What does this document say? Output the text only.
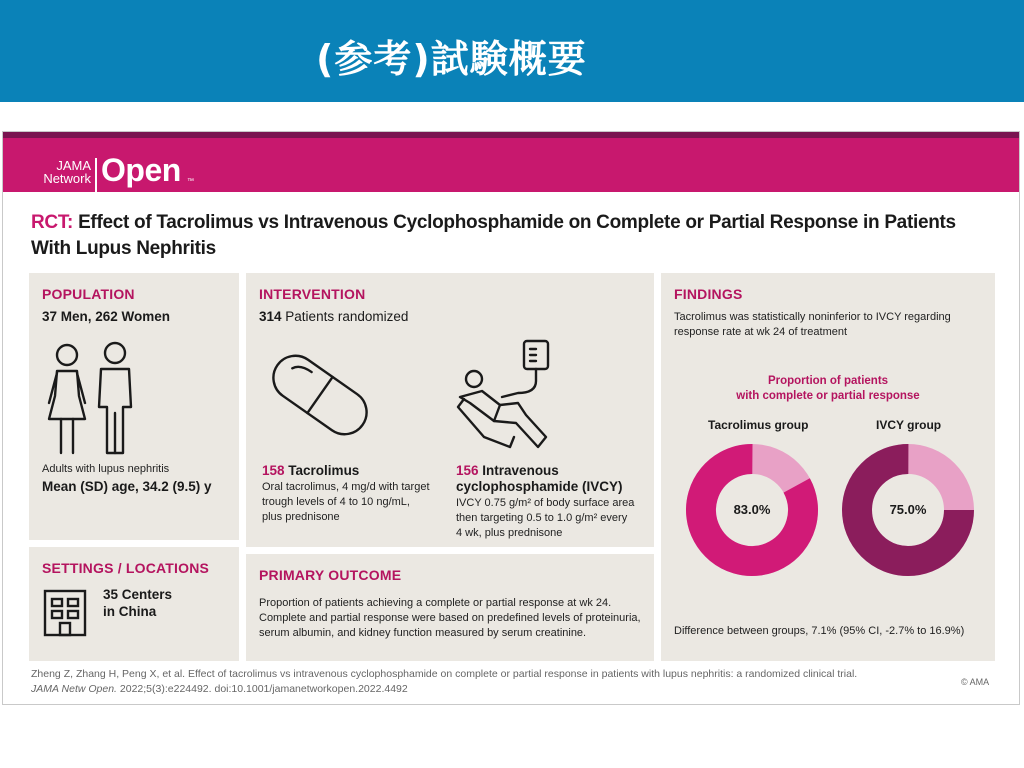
(参考)試験概要
JAMA
Network Open ™
RCT: Effect of Tacrolimus vs Intravenous Cyclophosphamide on Complete or Partial Response in Patients With Lupus Nephritis
POPULATION
37 Men, 262 Women
Adults with lupus nephritis
Mean (SD) age, 34.2 (9.5) y
SETTINGS / LOCATIONS
35 Centers
in China
INTERVENTION
314 Patients randomized
158 Tacrolimus
Oral tacrolimus, 4 mg/d with target
trough levels of 4 to 10 ng/mL,
plus prednisone
156 Intravenous
cyclophosphamide (IVCY)
IVCY 0.75 g/m² of body surface area
then targeting 0.5 to 1.0 g/m² every
4 wk, plus prednisone
PRIMARY OUTCOME
Proportion of patients achieving a complete or partial response at wk 24.
Complete and partial response were based on predefined levels of proteinuria,
serum albumin, and kidney function measured by serum creatinine.
FINDINGS
Tacrolimus was statistically noninferior to IVCY regarding
response rate at wk 24 of treatment
Proportion of patients
with complete or partial response
Tacrolimus group	IVCY group
83.0%	75.0%
Difference between groups, 7.1% (95% CI, -2.7% to 16.9%)
Zheng Z, Zhang H, Peng X, et al. Effect of tacrolimus vs intravenous cyclophosphamide on complete or partial response in patients with lupus nephritis: a randomized clinical trial.
JAMA Netw Open. 2022;5(3):e224492. doi:10.1001/jamanetworkopen.2022.4492
© AMA
